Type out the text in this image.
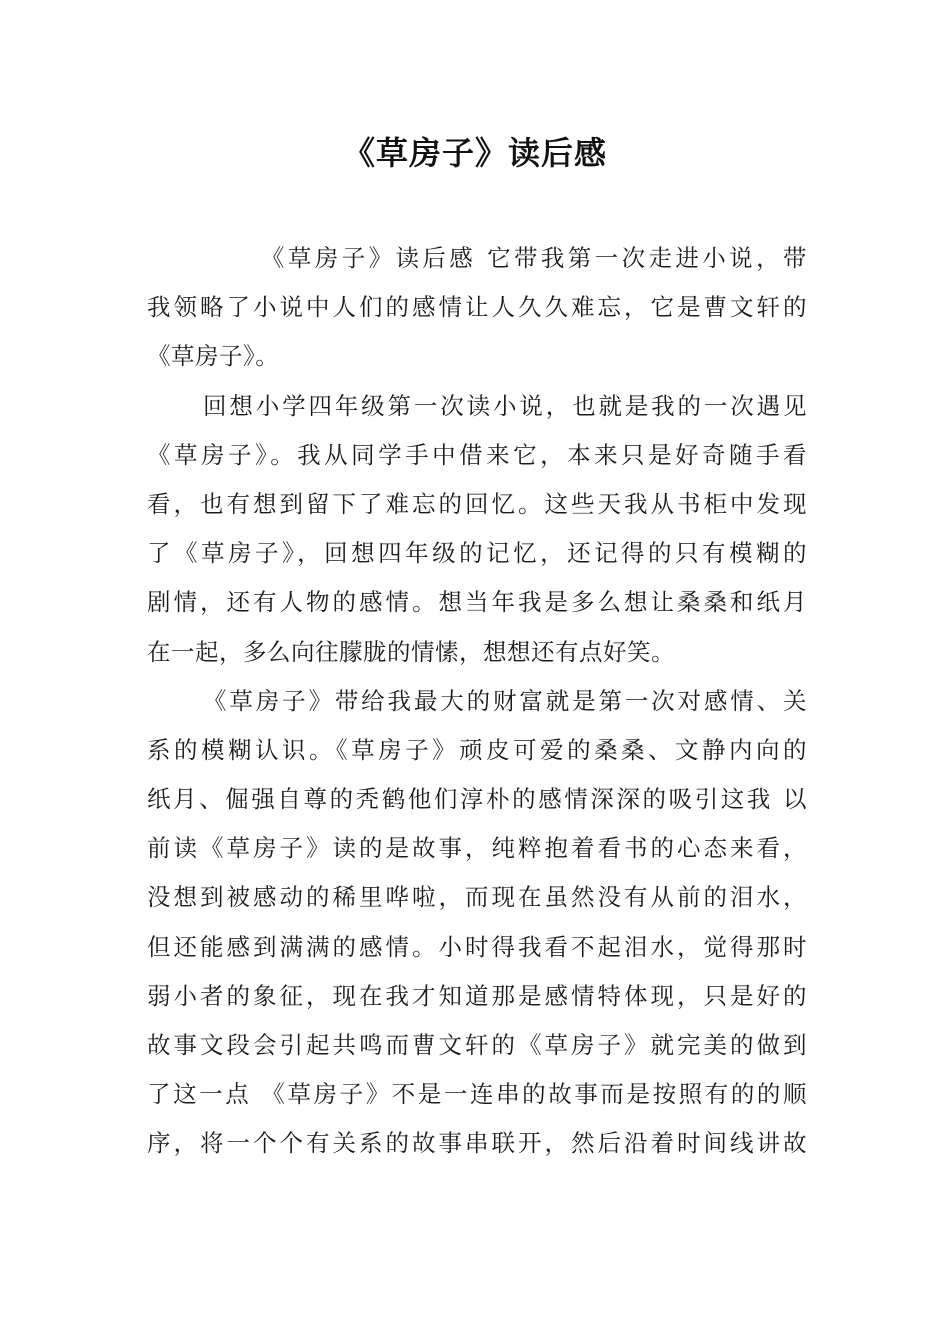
《草房子》读后感
《草房子》读后感 它带我第一次走进小说，带
我领略了小说中人们的感情让人久久难忘，它是曹文轩的
《草房子》。
回想小学四年级第一次读小说，也就是我的一次遇见
《草房子》。我从同学手中借来它，本来只是好奇随手看
看，也有想到留下了难忘的回忆。这些天我从书柜中发现
了《草房子》，回想四年级的记忆，还记得的只有模糊的
剧情，还有人物的感情。想当年我是多么想让桑桑和纸月
在一起，多么向往朦胧的情愫，想想还有点好笑。
《草房子》带给我最大的财富就是第一次对感情、关
系的模糊认识。《草房子》顽皮可爱的桑桑、文静内向的
纸月、倔强自尊的秃鹤他们淳朴的感情深深的吸引这我 以
前读《草房子》读的是故事，纯粹抱着看书的心态来看，
没想到被感动的稀里哗啦，而现在虽然没有从前的泪水，
但还能感到满满的感情。小时得我看不起泪水，觉得那时
弱小者的象征，现在我才知道那是感情特体现，只是好的
故事文段会引起共鸣而曹文轩的《草房子》就完美的做到
了这一点 《草房子》不是一连串的故事而是按照有的的顺
序，将一个个有关系的故事串联开，然后沿着时间线讲故
